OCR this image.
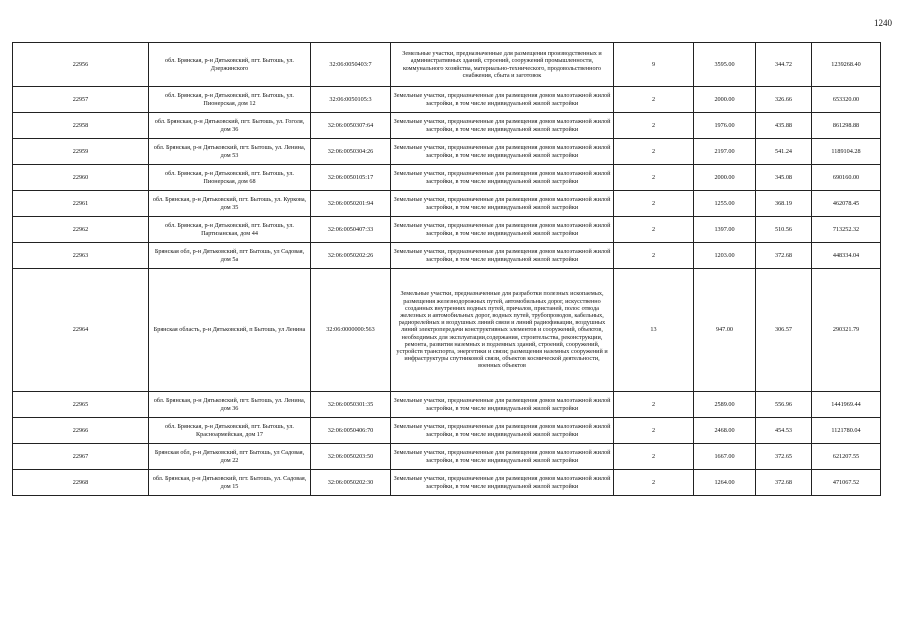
1240
22956	обл. Брянская, р-н Дятьковский, пгт. Бытошь, ул. Дзержинского	32:06:0050403:7	Земельные участки, предназначенные для размещения производственных и административных зданий, строений, сооружений промышленности, коммунального хозяйства, материально-технического, продовольственного снабжения, сбыта и заготовок	9	3595.00	344.72	1239268.40
22957	обл. Брянская, р-н Дятьковский, пгт. Бытошь, ул. Пионерская, дом 12	32:06:0050105:3	Земельные участки, предназначенные для размещения домов малоэтажной жилой застройки, в том числе индивидуальной жилой застройки	2	2000.00	326.66	653320.00
22958	обл. Брянская, р-н Дятьковский, пгт. Бытошь, ул. Гоголя, дом 36	32:06:0050307:64	Земельные участки, предназначенные для размещения домов малоэтажной жилой застройки, в том числе индивидуальной жилой застройки	2	1976.00	435.88	861298.88
22959	обл. Брянская, р-н Дятьковский, пгт. Бытошь, ул. Ленина, дом 53	32:06:0050304:26	Земельные участки, предназначенные для размещения домов малоэтажной жилой застройки, в том числе индивидуальной жилой застройки	2	2197.00	541.24	1189104.28
22960	обл. Брянская, р-н Дятьковский, пгт. Бытошь, ул. Пионерская, дом 68	32:06:0050105:17	Земельные участки, предназначенные для размещения домов малоэтажной жилой застройки, в том числе индивидуальной жилой застройки	2	2000.00	345.08	690160.00
22961	обл. Брянская, р-н Дятьковский, пгт. Бытошь, ул. Куркова, дом 35	32:06:0050201:94	Земельные участки, предназначенные для размещения домов малоэтажной жилой застройки, в том числе индивидуальной жилой застройки	2	1255.00	368.19	462078.45
22962	обл. Брянская, р-н Дятьковский, пгт. Бытошь, ул. Партизанская, дом 44	32:06:0050407:33	Земельные участки, предназначенные для размещения домов малоэтажной жилой застройки, в том числе индивидуальной жилой застройки	2	1397.00	510.56	713252.32
22963	Брянская обл, р-н Дятьковский, пгт Бытошь, ул Садовая, дом 5а	32:06:0050202:26	Земельные участки, предназначенные для размещения домов малоэтажной жилой застройки, в том числе индивидуальной жилой застройки	2	1203.00	372.68	448334.04
22964	Брянская область, р-н Дятьковский, п Бытошь, ул Ленина	32:06:0000000:563	Земельные участки, предназначенные для разработки полезных ископаемых, размещения железнодорожных путей, автомобильных дорог, искусственно созданных внутренних водных путей, причалов, пристаней, полос отвода железных и автомобильных дорог, водных путей, трубопроводов, кабельных, радиорелейных и воздушных линий связи и линий радиофикации, воздушных линий электропередачи конструктивных элементов и сооружений, объектов, необходимых для эксплуатации,содержания, строительства, реконструкции, ремонта, развития наземных и подземных зданий, строений, сооружений, устройств транспорта, энергетики и связи; размещения наземных сооружений и инфраструктуры спутниковой связи, объектов космической деятельности, военных объектов	13	947.00	306.57	290321.79
22965	обл. Брянская, р-н Дятьковский, пгт. Бытошь, ул. Ленина, дом 36	32:06:0050301:35	Земельные участки, предназначенные для размещения домов малоэтажной жилой застройки, в том числе индивидуальной жилой застройки	2	2589.00	556.96	1441969.44
22966	обл. Брянская, р-н Дятьковский, пгт. Бытошь, ул. Красноармейская, дом 17	32:06:0050406:70	Земельные участки, предназначенные для размещения домов малоэтажной жилой застройки, в том числе индивидуальной жилой застройки	2	2468.00	454.53	1121780.04
22967	Брянская обл, р-н Дятьковский, пгт Бытошь, ул Садовая, дом 22	32:06:0050203:50	Земельные участки, предназначенные для размещения домов малоэтажной жилой застройки, в том числе индивидуальной жилой застройки	2	1667.00	372.65	621207.55
22968	обл. Брянская, р-н Дятьковский, пгт. Бытошь, ул. Садовая, дом 15	32:06:0050202:30	Земельные участки, предназначенные для размещения домов малоэтажной жилой застройки, в том числе индивидуальной жилой застройки	2	1264.00	372.68	471067.52
